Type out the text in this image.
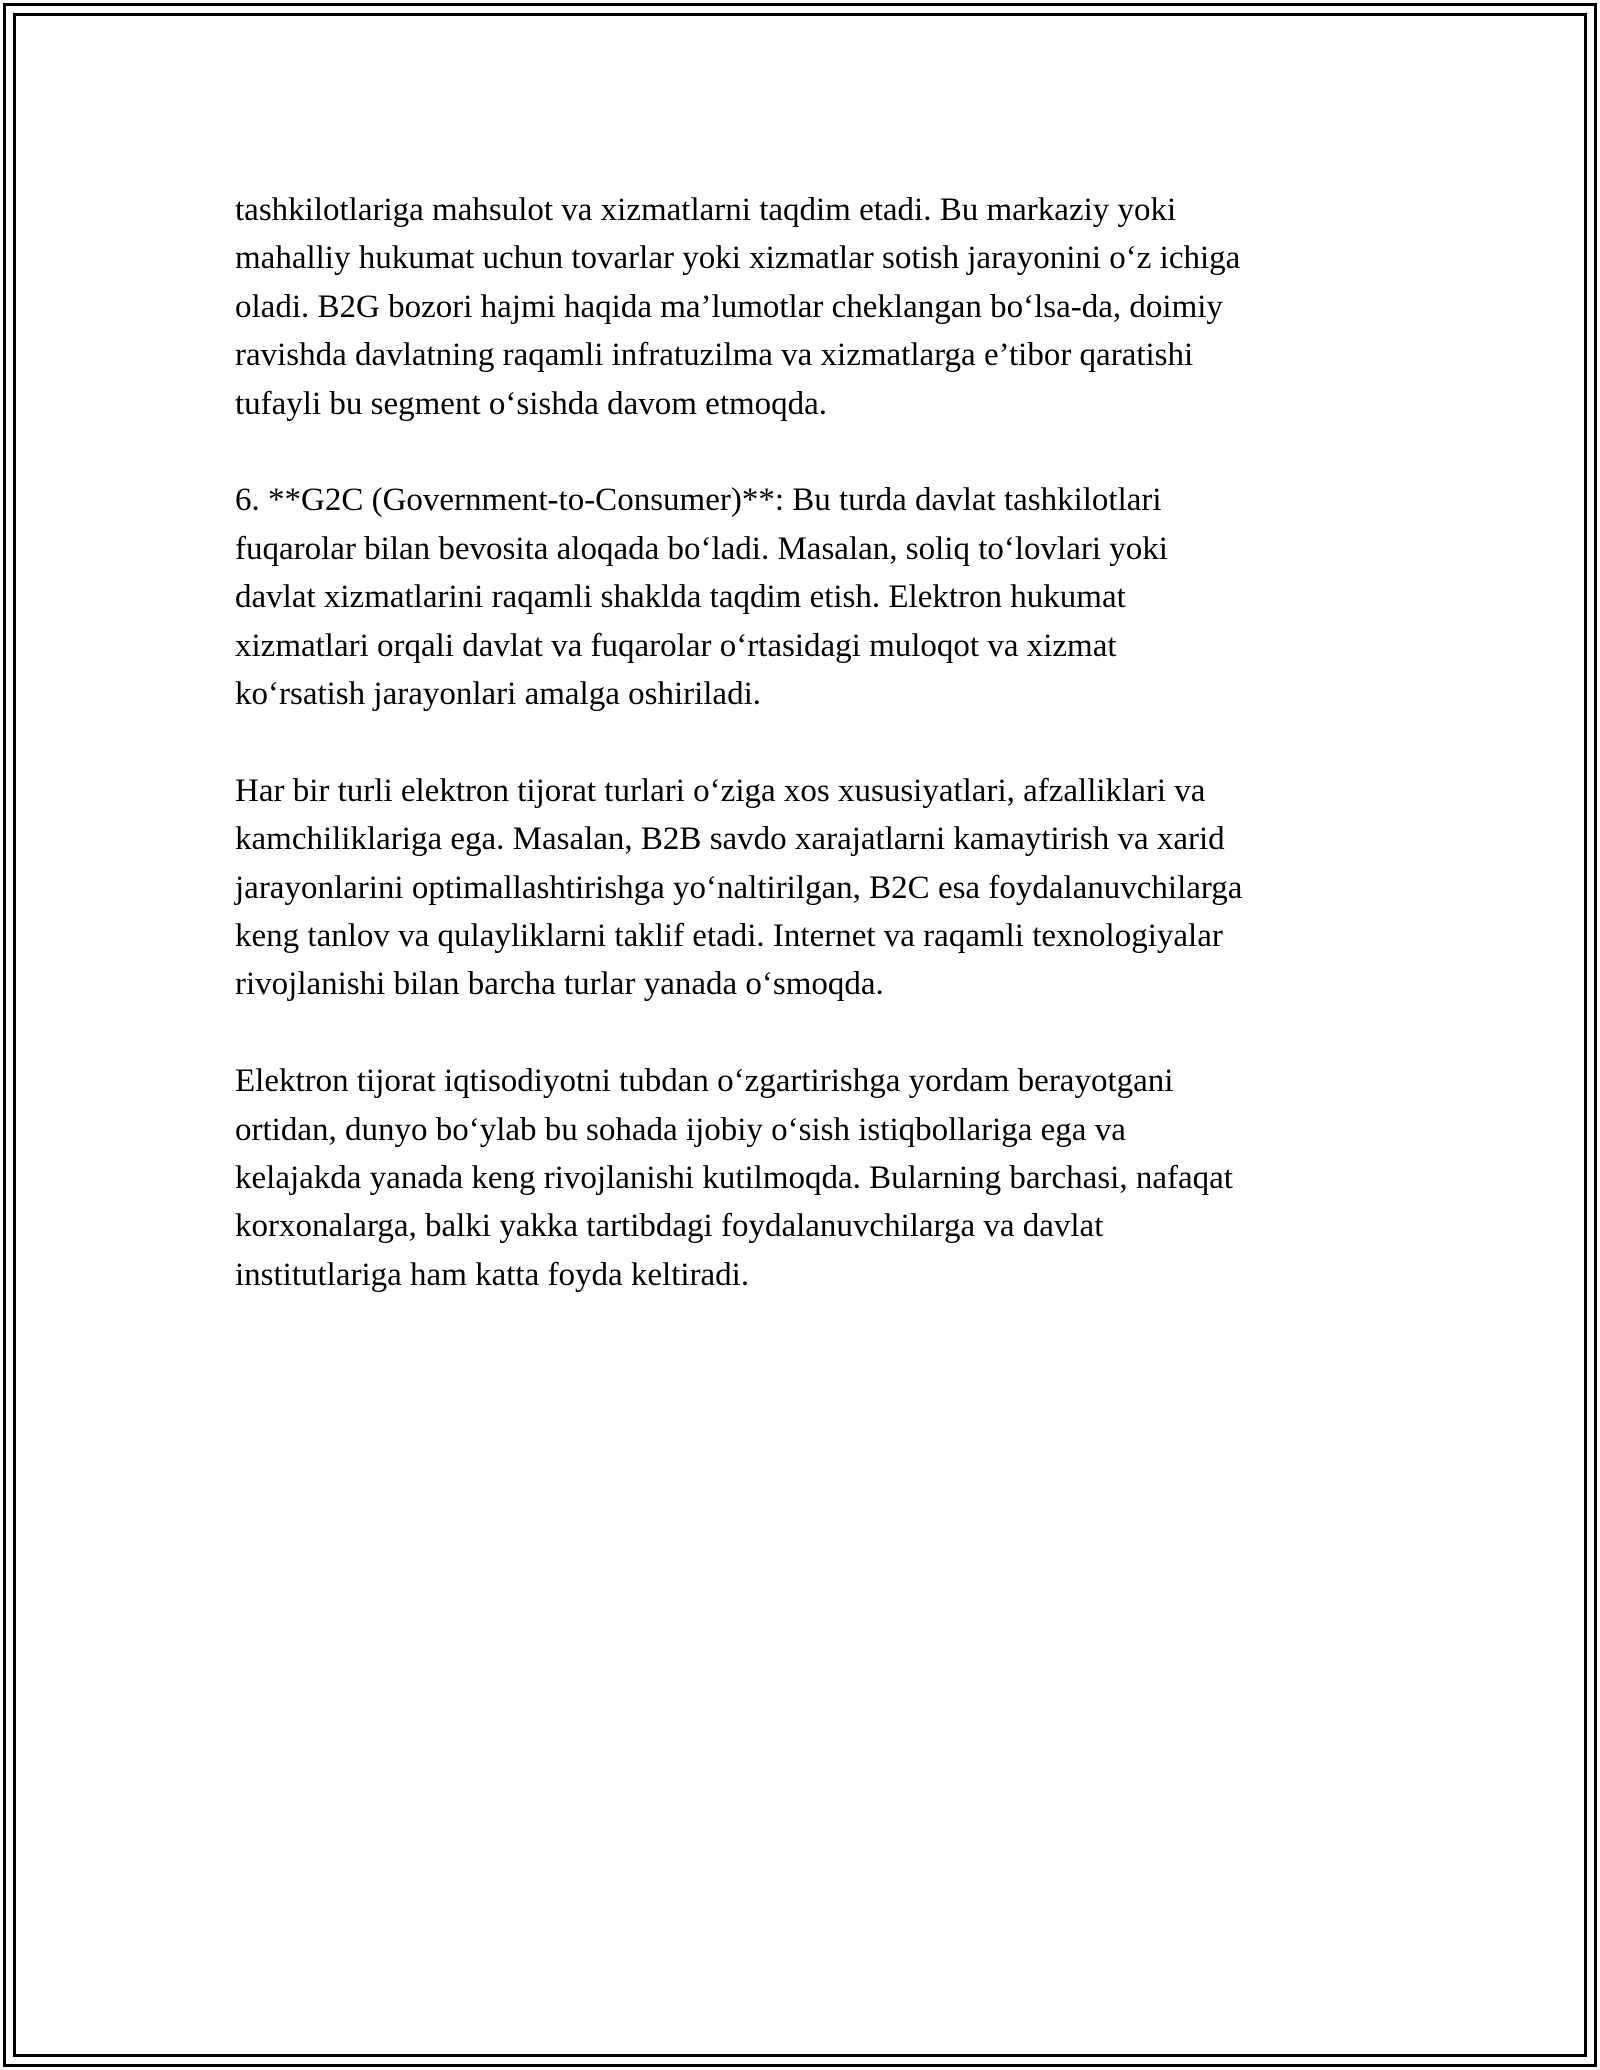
tashkilotlariga mahsulot va xizmatlarni taqdim etadi. Bu markaziy yoki
mahalliy hukumat uchun tovarlar yoki xizmatlar sotish jarayonini o‘z ichiga
oladi. B2G bozori hajmi haqida ma’lumotlar cheklangan bo‘lsa-da, doimiy
ravishda davlatning raqamli infratuzilma va xizmatlarga e’tibor qaratishi
tufayli bu segment o‘sishda davom etmoqda.

6. **G2C (Government-to-Consumer)**: Bu turda davlat tashkilotlari
fuqarolar bilan bevosita aloqada bo‘ladi. Masalan, soliq to‘lovlari yoki
davlat xizmatlarini raqamli shaklda taqdim etish. Elektron hukumat
xizmatlari orqali davlat va fuqarolar o‘rtasidagi muloqot va xizmat
ko‘rsatish jarayonlari amalga oshiriladi.

Har bir turli elektron tijorat turlari o‘ziga xos xususiyatlari, afzalliklari va
kamchiliklariga ega. Masalan, B2B savdo xarajatlarni kamaytirish va xarid
jarayonlarini optimallashtirishga yo‘naltirilgan, B2C esa foydalanuvchilarga
keng tanlov va qulayliklarni taklif etadi. Internet va raqamli texnologiyalar
rivojlanishi bilan barcha turlar yanada o‘smoqda.

Elektron tijorat iqtisodiyotni tubdan o‘zgartirishga yordam berayotgani
ortidan, dunyo bo‘ylab bu sohada ijobiy o‘sish istiqbollariga ega va
kelajakda yanada keng rivojlanishi kutilmoqda. Bularning barchasi, nafaqat
korxonalarga, balki yakka tartibdagi foydalanuvchilarga va davlat
institutlariga ham katta foyda keltiradi.
